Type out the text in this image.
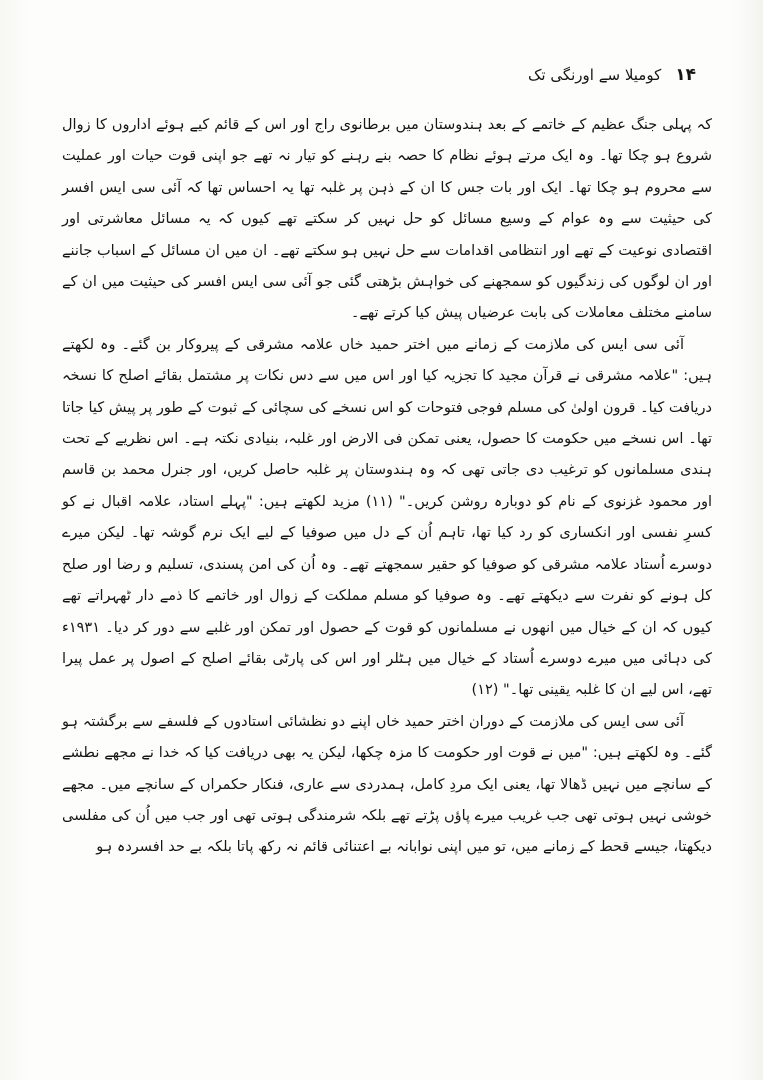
۱۴
کومیلا سے اورنگی تک

کہ پہلی جنگ عظیم کے خاتمے کے بعد ہندوستان میں برطانوی راج اور اس کے قائم کیے ہوئے اداروں کا زوال شروع ہو چکا تھا۔ وہ ایک مرتے ہوئے نظام کا حصہ بنے رہنے کو تیار نہ تھے جو اپنی قوت حیات اور عملیت سے محروم ہو چکا تھا۔ ایک اور بات جس کا ان کے ذہن پر غلبہ تھا یہ احساس تھا کہ آئی سی ایس افسر کی حیثیت سے وہ عوام کے وسیع مسائل کو حل نہیں کر سکتے تھے کیوں کہ یہ مسائل معاشرتی اور اقتصادی نوعیت کے تھے اور انتظامی اقدامات سے حل نہیں ہو سکتے تھے۔ ان میں ان مسائل کے اسباب جاننے اور ان لوگوں کی زندگیوں کو سمجھنے کی خواہش بڑھتی گئی جو آئی سی ایس افسر کی حیثیت میں ان کے سامنے مختلف معاملات کی بابت عرضیاں پیش کیا کرتے تھے۔

آئی سی ایس کی ملازمت کے زمانے میں اختر حمید خاں علامہ مشرقی کے پیروکار بن گئے۔ وہ لکھتے ہیں: "علامہ مشرقی نے قرآن مجید کا تجزیہ کیا اور اس میں سے دس نکات پر مشتمل بقائے اصلح کا نسخہ دریافت کیا۔ قرون اولیٰ کی مسلم فوجی فتوحات کو اس نسخے کی سچائی کے ثبوت کے طور پر پیش کیا جاتا تھا۔ اس نسخے میں حکومت کا حصول، یعنی تمکن فی الارض اور غلبہ، بنیادی نکتہ ہے۔ اس نظریے کے تحت ہندی مسلمانوں کو ترغیب دی جاتی تھی کہ وہ ہندوستان پر غلبہ حاصل کریں، اور جنرل محمد بن قاسم اور محمود غزنوی کے نام کو دوبارہ روشن کریں۔" (۱۱) مزید لکھتے ہیں: "پہلے استاد، علامہ اقبال نے کو کسرِ نفسی اور انکساری کو رد کیا تھا، تاہم اُن کے دل میں صوفیا کے لیے ایک نرم گوشہ تھا۔ لیکن میرے دوسرے اُستاد علامہ مشرقی کو صوفیا کو حقیر سمجھتے تھے۔ وہ اُن کی امن پسندی، تسلیم و رضا اور صلح کل ہونے کو نفرت سے دیکھتے تھے۔ وہ صوفیا کو مسلم مملکت کے زوال اور خاتمے کا ذمے دار ٹھہراتے تھے کیوں کہ ان کے خیال میں انھوں نے مسلمانوں کو قوت کے حصول اور تمکن اور غلبے سے دور کر دیا۔ ۱۹۳۱ء کی دہائی میں میرے دوسرے اُستاد کے خیال میں ہٹلر اور اس کی پارٹی بقائے اصلح کے اصول پر عمل پیرا تھے، اس لیے ان کا غلبہ یقینی تھا۔" (۱۲)

آئی سی ایس کی ملازمت کے دوران اختر حمید خاں اپنے دو نظشائی استادوں کے فلسفے سے برگشتہ ہو گئے۔ وہ لکھتے ہیں: "میں نے قوت اور حکومت کا مزہ چکھا، لیکن یہ بھی دریافت کیا کہ خدا نے مجھے نطشے کے سانچے میں نہیں ڈھالا تھا، یعنی ایک مردِ کامل، ہمدردی سے عاری، فنکار حکمراں کے سانچے میں۔ مجھے خوشی نہیں ہوتی تھی جب غریب میرے پاؤں پڑتے تھے بلکہ شرمندگی ہوتی تھی اور جب میں اُن کی مفلسی دیکھتا، جیسے قحط کے زمانے میں، تو میں اپنی نوابانہ بے اعتنائی قائم نہ رکھ پاتا بلکہ بے حد افسردہ ہو
